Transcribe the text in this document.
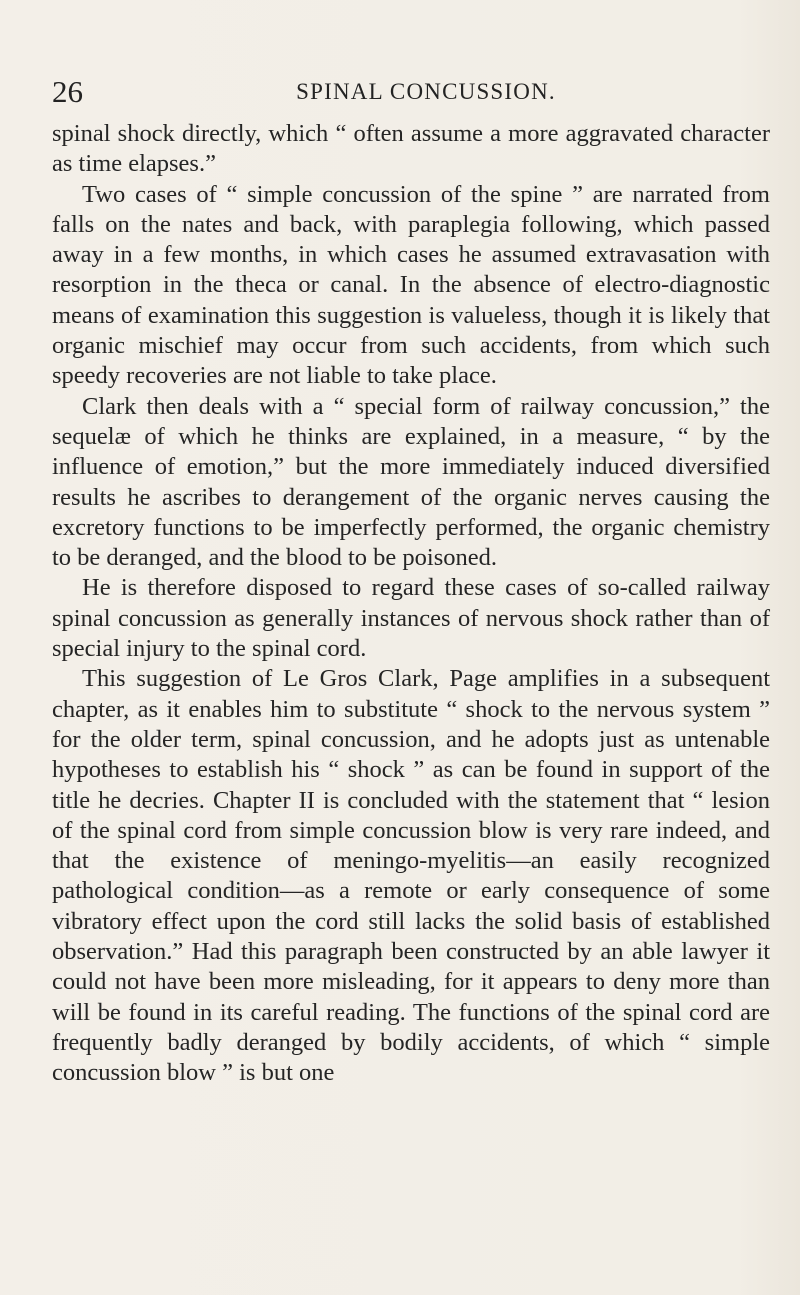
26	SPINAL CONCUSSION.

spinal shock directly, which “ often assume a more aggravated character as time elapses.”

Two cases of “ simple concussion of the spine ” are narrated from falls on the nates and back, with paraplegia following, which passed away in a few months, in which cases he assumed extravasation with resorption in the theca or canal. In the absence of electro-diagnostic means of examination this suggestion is valueless, though it is likely that organic mischief may occur from such accidents, from which such speedy recoveries are not liable to take place.

Clark then deals with a “ special form of railway concussion,” the sequelæ of which he thinks are explained, in a measure, “ by the influence of emotion,” but the more immediately induced diversified results he ascribes to derangement of the organic nerves causing the excretory functions to be imperfectly performed, the organic chemistry to be deranged, and the blood to be poisoned.

He is therefore disposed to regard these cases of so-called railway spinal concussion as generally instances of nervous shock rather than of special injury to the spinal cord.

This suggestion of Le Gros Clark, Page amplifies in a subsequent chapter, as it enables him to substitute “ shock to the nervous system ” for the older term, spinal concussion, and he adopts just as untenable hypotheses to establish his “ shock ” as can be found in support of the title he decries. Chapter II is concluded with the statement that “ lesion of the spinal cord from simple concussion blow is very rare indeed, and that the existence of meningo-myelitis—an easily recognized pathological condition—as a remote or early consequence of some vibratory effect upon the cord still lacks the solid basis of established observation.” Had this paragraph been constructed by an able lawyer it could not have been more misleading, for it appears to deny more than will be found in its careful reading. The functions of the spinal cord are frequently badly deranged by bodily accidents, of which “ simple concussion blow ” is but one
